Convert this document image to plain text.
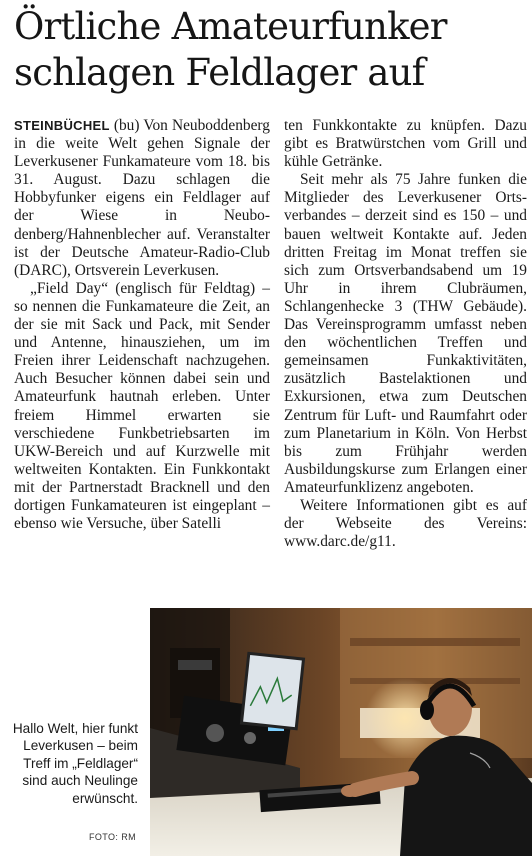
Örtliche Amateurfunker
schlagen Feldlager auf

STEINBÜCHEL (bu) Von Neuboddenberg in die weite Welt gehen Signale der Leverkusener Funkamateure vom 18. bis 31. August. Dazu schlagen die Hobbyfunker eigens ein Feldlager auf der Wiese in Neubodenberg/Hahnenblecher auf. Veranstalter ist der Deutsche Amateur-Radio-Club (DARC), Ortsverein Leverkusen.

„Field Day“ (englisch für Feldtag) – so nennen die Funkamateure die Zeit, an der sie mit Sack und Pack, mit Sender und Antenne, hinausziehen, um im Freien ihrer Leidenschaft nachzugehen. Auch Besucher können dabei sein und Amateurfunk hautnah erleben. Unter freiem Himmel erwarten sie verschiedene Funkbetriebsarten im UKW-Bereich und auf Kurzwelle mit weltweiten Kontakten. Ein Funkkontakt mit der Partnerstadt Bracknell und den dortigen Funkamateuren ist eingeplant – ebenso wie Versuche, über Satelli

ten Funkkontakte zu knüpfen. Dazu gibt es Bratwürstchen vom Grill und kühle Getränke.

Seit mehr als 75 Jahre funken die Mitglieder des Leverkusener Ortsverbandes – derzeit sind es 150 – und bauen weltweit Kontakte auf. Jeden dritten Freitag im Monat treffen sie sich zum Ortsverbandsabend um 19 Uhr in ihrem Clubräumen, Schlangenhecke 3 (THW Gebäude). Das Vereinsprogramm umfasst neben den wöchentlichen Treffen und gemeinsamen Funkaktivitäten, zusätzlich Bastelaktionen und Exkursionen, etwa zum Deutschen Zentrum für Luft- und Raumfahrt oder zum Planetarium in Köln. Von Herbst bis zum Frühjahr werden Ausbildungskurse zum Erlangen einer Amateurfunklizenz angeboten.

Weitere Informationen gibt es auf der Webseite des Vereins: www.darc.de/g11.

Hallo Welt, hier funkt Leverkusen – beim Treff im „Feldlager“ sind auch Neulinge erwünscht.
FOTO: RM
